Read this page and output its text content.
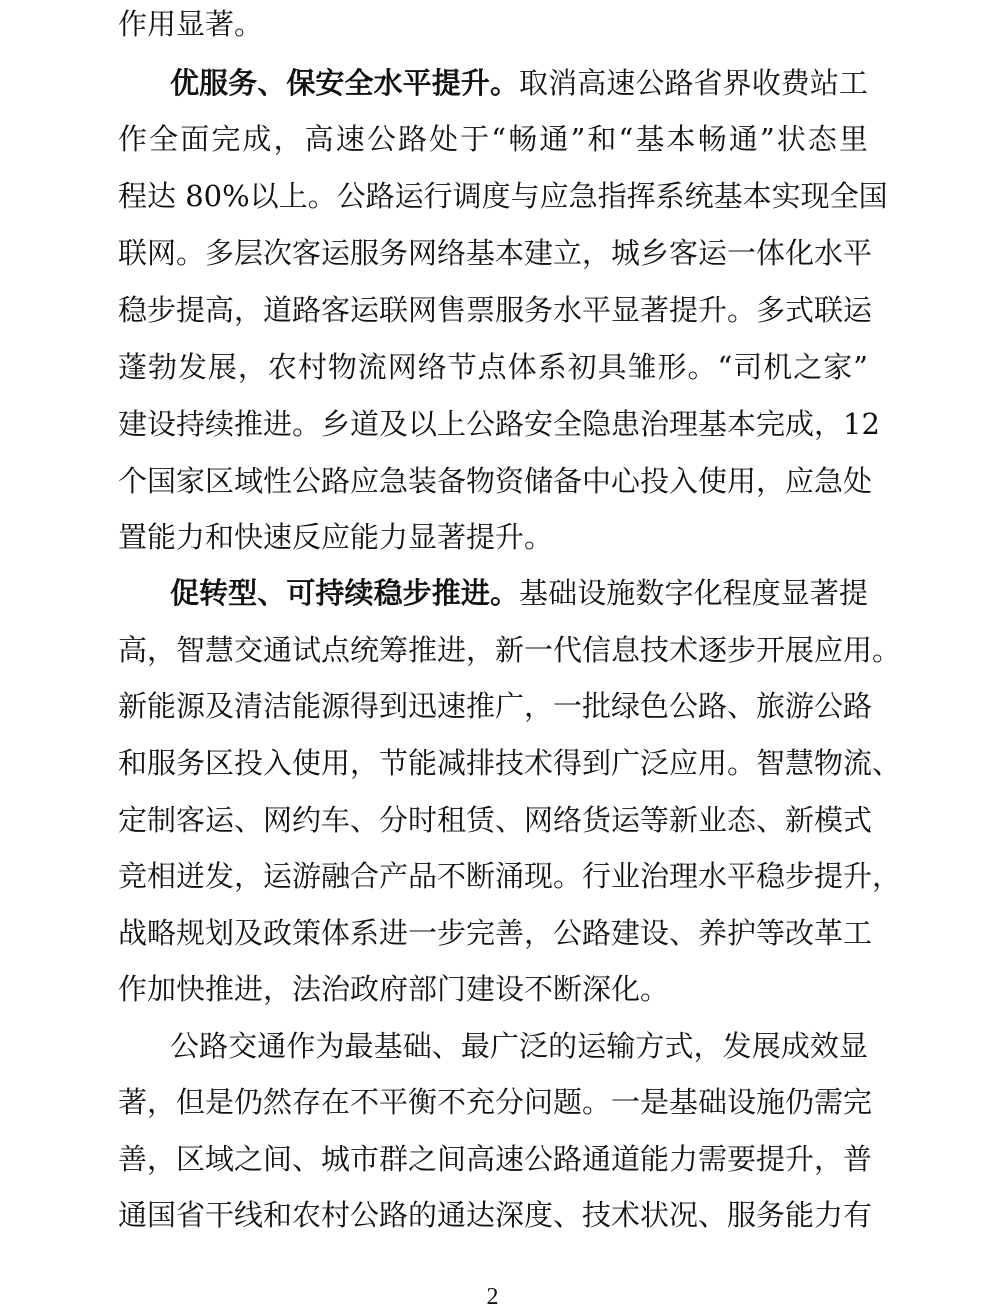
作用显著。
优服务、保安全水平提升。取消高速公路省界收费站工
作全面完成，高速公路处于“畅通”和“基本畅通”状态里
程达 80%以上。公路运行调度与应急指挥系统基本实现全国
联网。多层次客运服务网络基本建立，城乡客运一体化水平
稳步提高，道路客运联网售票服务水平显著提升。多式联运
蓬勃发展，农村物流网络节点体系初具雏形。“司机之家”
建设持续推进。乡道及以上公路安全隐患治理基本完成，12
个国家区域性公路应急装备物资储备中心投入使用，应急处
置能力和快速反应能力显著提升。
促转型、可持续稳步推进。基础设施数字化程度显著提
高，智慧交通试点统筹推进，新一代信息技术逐步开展应用。
新能源及清洁能源得到迅速推广，一批绿色公路、旅游公路
和服务区投入使用，节能减排技术得到广泛应用。智慧物流、
定制客运、网约车、分时租赁、网络货运等新业态、新模式
竞相迸发，运游融合产品不断涌现。行业治理水平稳步提升，
战略规划及政策体系进一步完善，公路建设、养护等改革工
作加快推进，法治政府部门建设不断深化。
公路交通作为最基础、最广泛的运输方式，发展成效显
著，但是仍然存在不平衡不充分问题。一是基础设施仍需完
善，区域之间、城市群之间高速公路通道能力需要提升，普
通国省干线和农村公路的通达深度、技术状况、服务能力有
2
